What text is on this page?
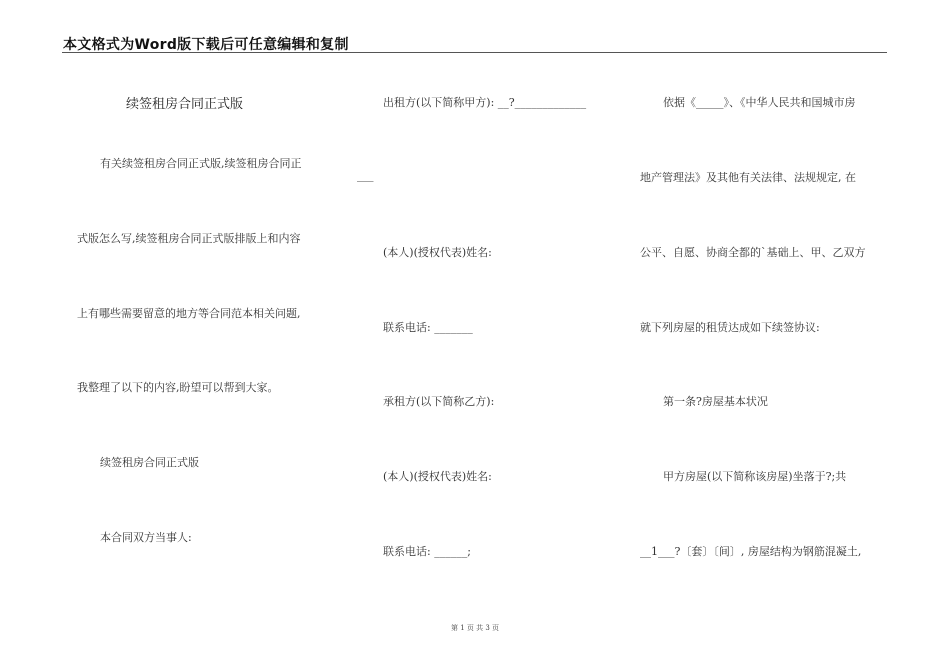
本文格式为Word版下载后可任意编辑和复制
续签租房合同正式版
有关续签租房合同正式版,续签租房合同正
式版怎么写,续签租房合同正式版排版上和内容
上有哪些需要留意的地方等合同范本相关问题,
我整理了以下的内容,盼望可以帮到大家。
续签租房合同正式版
本合同双方当事人:
出租方(以下简称甲方): __?_____________
___
(本人)(授权代表)姓名:
联系电话: _______
承租方(以下简称乙方):
(本人)(授权代表)姓名:
联系电话: ______;
依据《_____》、《中华人民共和国城市房
地产管理法》及其他有关法律、法规规定, 在
公平、自愿、协商全都的`基础上、甲、乙双方
就下列房屋的租赁达成如下续签协议:
第一条?房屋基本状况
甲方房屋(以下简称该房屋)坐落于?;共
__1___?〔套〕〔间〕, 房屋结构为钢筋混凝土,
第 1 页 共 3 页
